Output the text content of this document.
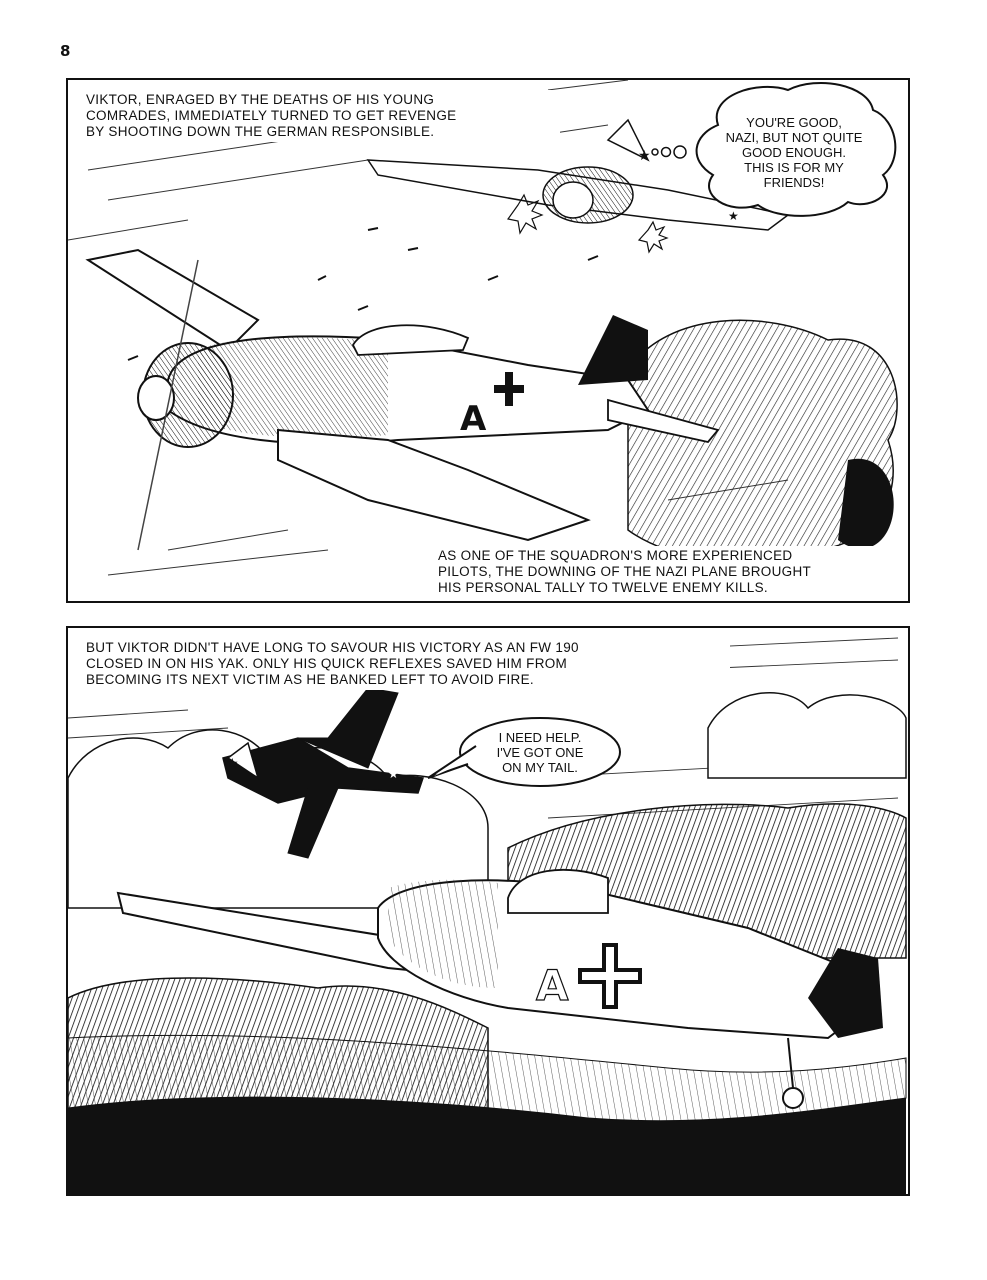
8
★
★
A
VIKTOR, ENRAGED BY THE DEATHS OF HIS YOUNG
COMRADES, IMMEDIATELY TURNED TO GET REVENGE
BY SHOOTING DOWN THE GERMAN RESPONSIBLE.
YOU'RE GOOD,
NAZI, BUT NOT QUITE
GOOD ENOUGH.
THIS IS FOR MY
FRIENDS!
AS ONE OF THE SQUADRON'S MORE EXPERIENCED
PILOTS, THE DOWNING OF THE NAZI PLANE BROUGHT
HIS PERSONAL TALLY TO TWELVE ENEMY KILLS.
★
★
★
A
BUT VIKTOR DIDN'T HAVE LONG TO SAVOUR HIS VICTORY AS AN FW 190
CLOSED IN ON HIS YAK. ONLY HIS QUICK REFLEXES SAVED HIM FROM
BECOMING ITS NEXT VICTIM AS HE BANKED LEFT TO AVOID FIRE.
I NEED HELP.
I'VE GOT ONE
ON MY TAIL.
